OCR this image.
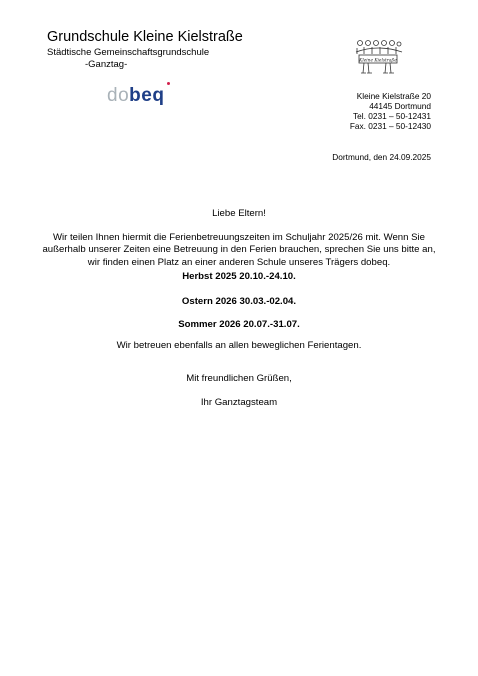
Grundschule Kleine Kielstraße
Städtische Gemeinschaftsgrundschule
-Ganztag-	Kleine Kielstraße
dobeq	Kleine Kielstraße 20
44145 Dortmund
Tel. 0231 – 50-12431
Fax. 0231 – 50-12430
Dortmund, den 24.09.2025
Liebe Eltern!
Wir teilen Ihnen hiermit die Ferienbetreuungszeiten im Schuljahr 2025/26 mit. Wenn Sie außerhalb unserer Zeiten eine Betreuung in den Ferien brauchen, sprechen Sie uns bitte an, wir finden einen Platz an einer anderen Schule unseres Trägers dobeq.
Herbst 2025 20.10.-24.10.
Ostern 2026 30.03.-02.04.
Sommer 2026 20.07.-31.07.
Wir betreuen ebenfalls an allen beweglichen Ferientagen.
Mit freundlichen Grüßen,
Ihr Ganztagsteam
